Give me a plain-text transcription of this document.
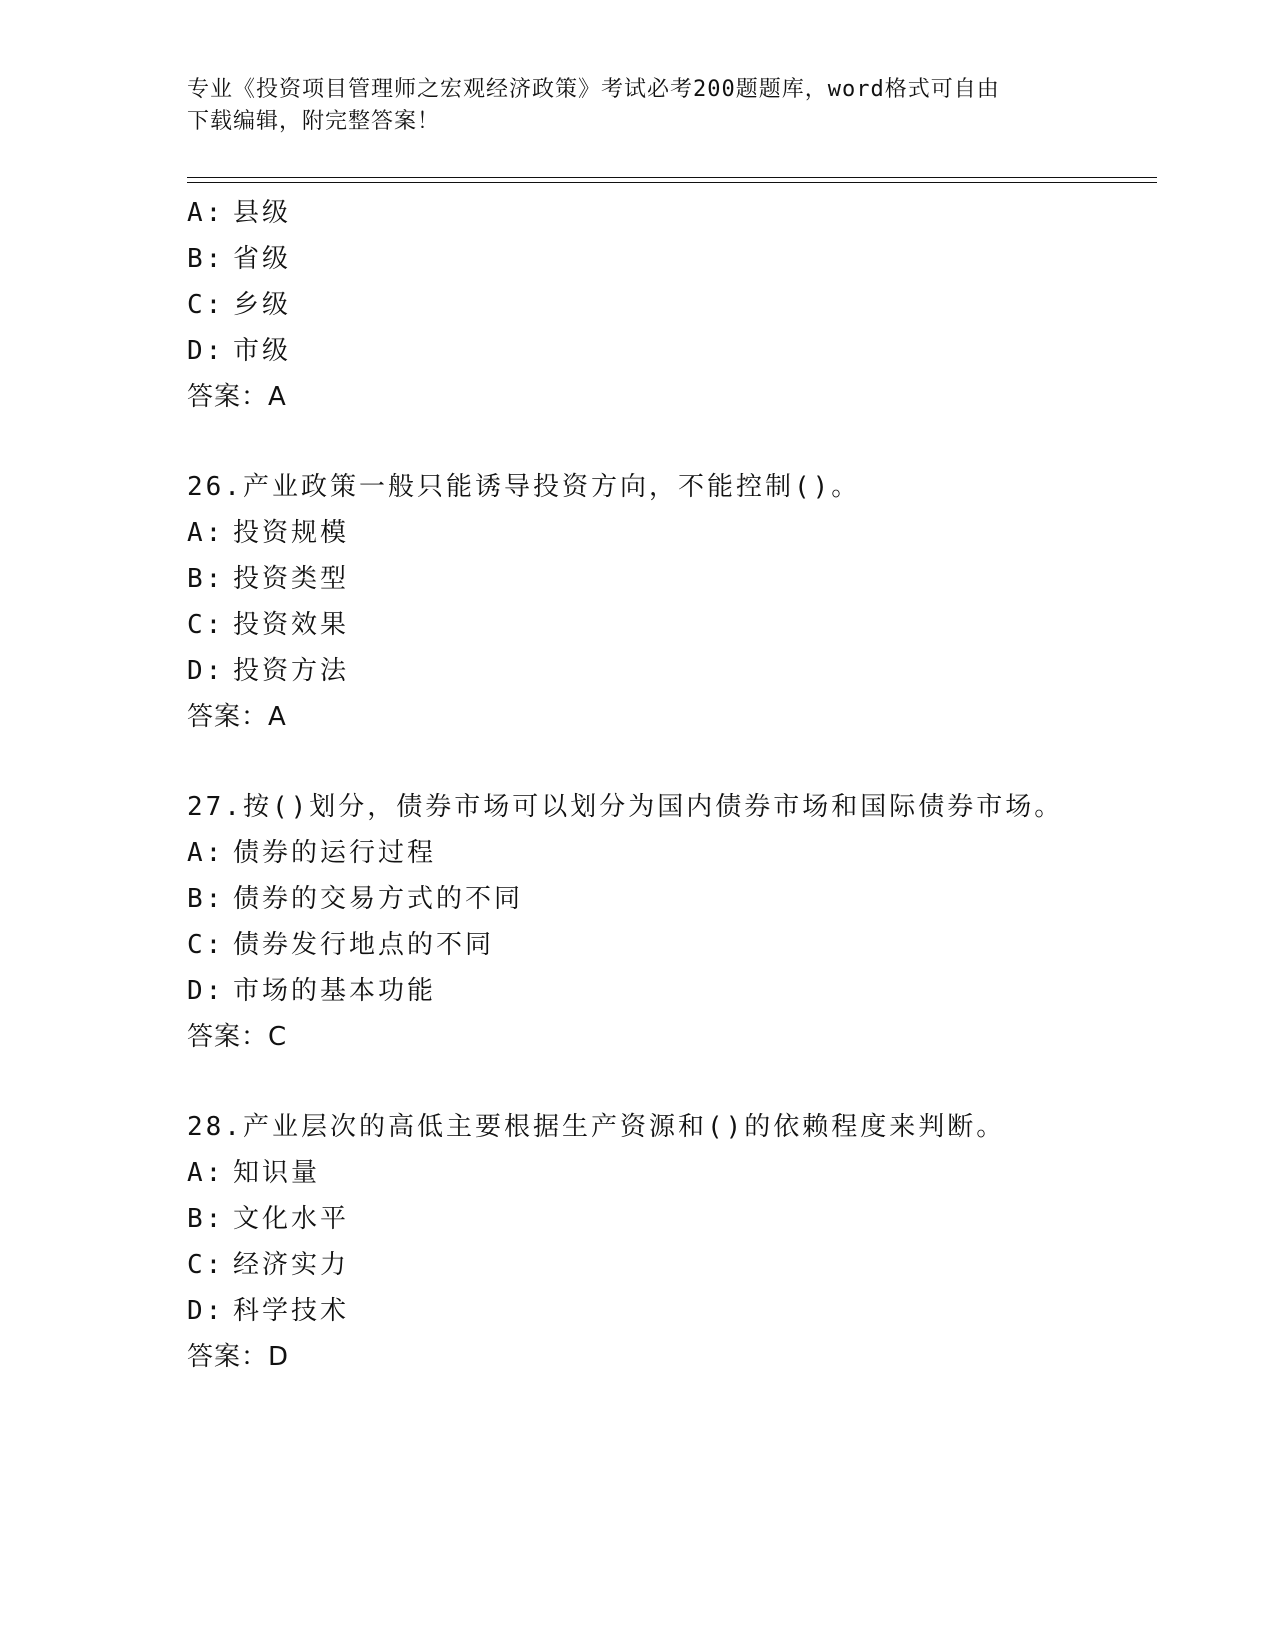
专业《投资项目管理师之宏观经济政策》考试必考200题题库，word格式可自由

下载编辑，附完整答案！

A: 县级
B: 省级
C: 乡级
D: 市级
答案：A
26.产业政策一般只能诱导投资方向，不能控制()。
A: 投资规模
B: 投资类型
C: 投资效果
D: 投资方法
答案：A
27.按()划分，债券市场可以划分为国内债券市场和国际债券市场。
A: 债券的运行过程
B: 债券的交易方式的不同
C: 债券发行地点的不同
D: 市场的基本功能
答案：C
28.产业层次的高低主要根据生产资源和()的依赖程度来判断。
A: 知识量
B: 文化水平
C: 经济实力
D: 科学技术
答案：D
